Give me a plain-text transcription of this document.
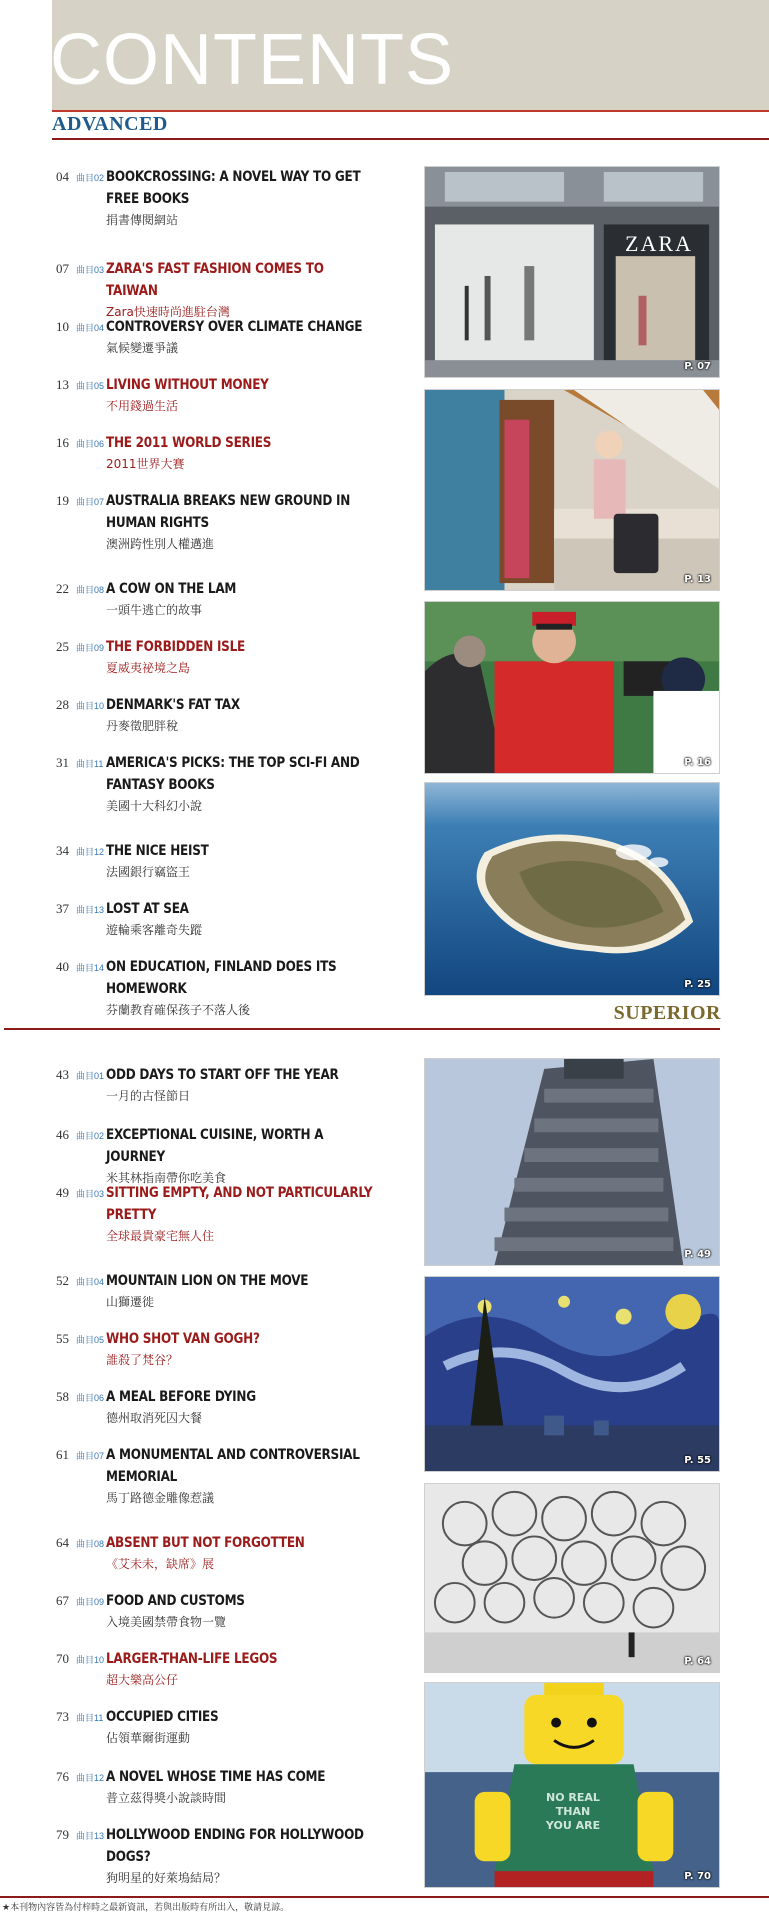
CONTENTS
ADVANCED
SUPERIOR
04 曲目02 BOOKCROSSING: A NOVEL WAY TO GET FREE BOOKS
捐書傳閱網站
07 曲目03 ZARA'S FAST FASHION COMES TO TAIWAN
Zara快速時尚進駐台灣
10 曲目04 CONTROVERSY OVER CLIMATE CHANGE
氣候變遷爭議
13 曲目05 LIVING WITHOUT MONEY
不用錢過生活
16 曲目06 THE 2011 WORLD SERIES
2011世界大賽
19 曲目07 AUSTRALIA BREAKS NEW GROUND IN HUMAN RIGHTS
澳洲跨性別人權邁進
22 曲目08 A COW ON THE LAM
一頭牛逃亡的故事
25 曲目09 THE FORBIDDEN ISLE
夏威夷祕境之島
28 曲目10 DENMARK'S FAT TAX
丹麥徵肥胖稅
31 曲目11 AMERICA'S PICKS: THE TOP SCI-FI AND FANTASY BOOKS
美國十大科幻小說
34 曲目12 THE NICE HEIST
法國銀行竊盜王
37 曲目13 LOST AT SEA
遊輪乘客離奇失蹤
40 曲目14 ON EDUCATION, FINLAND DOES ITS HOMEWORK
芬蘭教育確保孩子不落人後
43 曲目01 ODD DAYS TO START OFF THE YEAR
一月的古怪節日
46 曲目02 EXCEPTIONAL CUISINE, WORTH A JOURNEY
米其林指南帶你吃美食
49 曲目03 SITTING EMPTY, AND NOT PARTICULARLY PRETTY
全球最貴豪宅無人住
52 曲目04 MOUNTAIN LION ON THE MOVE
山獅遷徙
55 曲目05 WHO SHOT VAN GOGH?
誰殺了梵谷？
58 曲目06 A MEAL BEFORE DYING
德州取消死囚大餐
61 曲目07 A MONUMENTAL AND CONTROVERSIAL MEMORIAL
馬丁路德金雕像惹議
64 曲目08 ABSENT BUT NOT FORGOTTEN
《艾未未，缺席》展
67 曲目09 FOOD AND CUSTOMS
入境美國禁帶食物一覽
70 曲目10 LARGER-THAN-LIFE LEGOS
超大樂高公仔
73 曲目11 OCCUPIED CITIES
佔領華爾街運動
76 曲目12 A NOVEL WHOSE TIME HAS COME
普立茲得獎小說談時間
79 曲目13 HOLLYWOOD ENDING FOR HOLLYWOOD DOGS?
狗明星的好萊塢結局？
ZARA
P. 07
P. 13
P. 16
P. 25
P. 49
P. 55
P. 64
NO REAL
THAN
YOU ARE
P. 70
★本刊物內容皆為付梓時之最新資訊，若與出版時有所出入，敬請見諒。
